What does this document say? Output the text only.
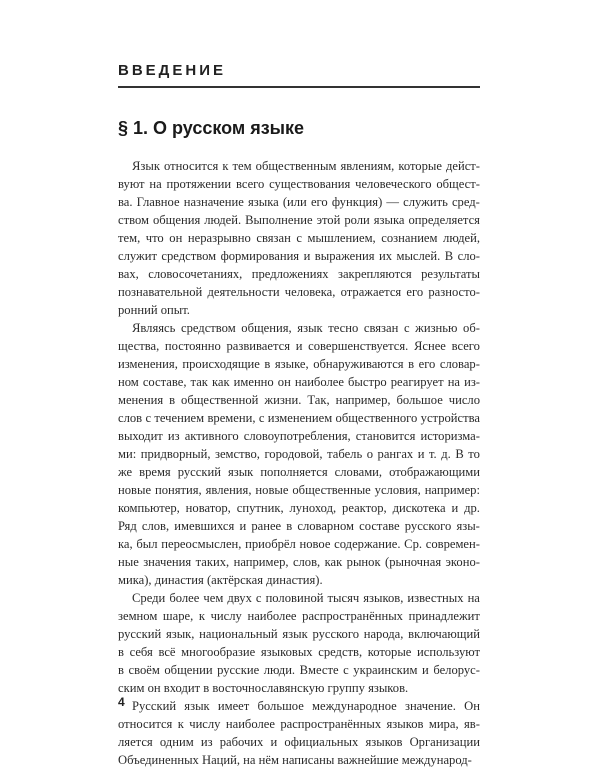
ВВЕДЕНИЕ
§ 1. О русском языке
Язык относится к тем общественным явлениям, которые дейст-
вуют на протяжении всего существования человеческого общест-
ва. Главное назначение языка (или его функция) — служить сред-
ством общения людей. Выполнение этой роли языка определяется
тем, что он неразрывно связан с мышлением, сознанием людей,
служит средством формирования и выражения их мыслей. В сло-
вах, словосочетаниях, предложениях закрепляются результаты
познавательной деятельности человека, отражается его разносто-
ронний опыт.
Являясь средством общения, язык тесно связан с жизнью об-
щества, постоянно развивается и совершенствуется. Яснее всего
изменения, происходящие в языке, обнаруживаются в его словар-
ном составе, так как именно он наиболее быстро реагирует на из-
менения в общественной жизни. Так, например, большое число
слов с течением времени, с изменением общественного устройства
выходит из активного словоупотребления, становится историзма-
ми: придворный, земство, городовой, табель о рангах и т. д. В то
же время русский язык пополняется словами, отображающими
новые понятия, явления, новые общественные условия, например:
компьютер, новатор, спутник, луноход, реактор, дискотека и др.
Ряд слов, имевшихся и ранее в словарном составе русского язы-
ка, был переосмыслен, приобрёл новое содержание. Ср. современ-
ные значения таких, например, слов, как рынок (рыночная эконо-
мика), династия (актёрская династия).
Среди более чем двух с половиной тысяч языков, известных на
земном шаре, к числу наиболее распространённых принадлежит
русский язык, национальный язык русского народа, включающий
в себя всё многообразие языковых средств, которые используют
в своём общении русские люди. Вместе с украинским и белорус-
ским он входит в восточнославянскую группу языков.
Русский язык имеет большое международное значение. Он
относится к числу наиболее распространённых языков мира, яв-
ляется одним из рабочих и официальных языков Организации
Объединенных Наций, на нём написаны важнейшие международ-
4
